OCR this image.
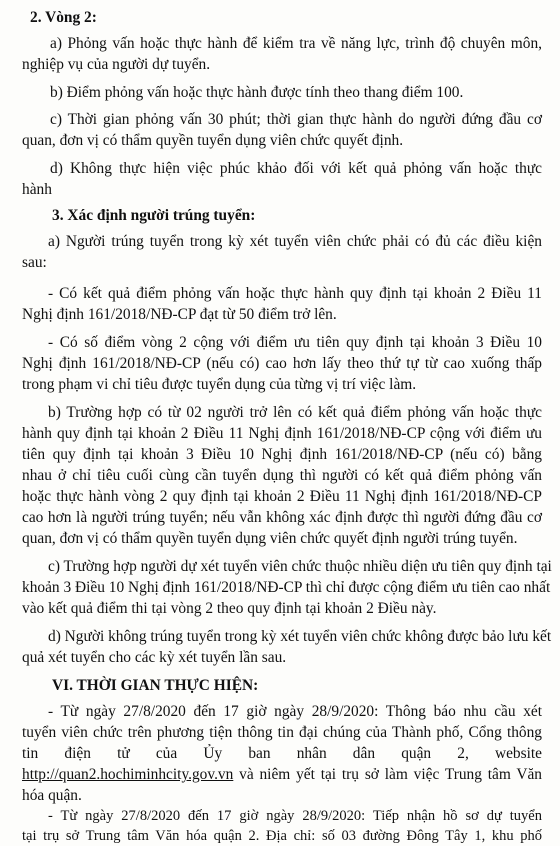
2. Vòng 2:
a) Phỏng vấn hoặc thực hành để kiểm tra về năng lực, trình độ chuyên môn,
nghiệp vụ của người dự tuyển.
b) Điểm phỏng vấn hoặc thực hành được tính theo thang điểm 100.
c) Thời gian phỏng vấn 30 phút; thời gian thực hành do người đứng đầu cơ
quan, đơn vị có thẩm quyền tuyển dụng viên chức quyết định.
d) Không thực hiện việc phúc khảo đối với kết quả phỏng vấn hoặc thực
hành
3. Xác định người trúng tuyển:
a) Người trúng tuyển trong kỳ xét tuyển viên chức phải có đủ các điều kiện
sau:
- Có kết quả điểm phỏng vấn hoặc thực hành quy định tại khoản 2 Điều 11
Nghị định 161/2018/NĐ-CP đạt từ 50 điểm trở lên.
- Có số điểm vòng 2 cộng với điểm ưu tiên quy định tại khoản 3 Điều 10
Nghị định 161/2018/NĐ-CP (nếu có) cao hơn lấy theo thứ tự từ cao xuống thấp
trong phạm vi chỉ tiêu được tuyển dụng của từng vị trí việc làm.
b) Trường hợp có từ 02 người trở lên có kết quả điểm phỏng vấn hoặc thực
hành quy định tại khoản 2 Điều 11 Nghị định 161/2018/NĐ-CP cộng với điểm ưu
tiên quy định tại khoản 3 Điều 10 Nghị định 161/2018/NĐ-CP (nếu có) bằng
nhau ở chỉ tiêu cuối cùng cần tuyển dụng thì người có kết quả điểm phỏng vấn
hoặc thực hành vòng 2 quy định tại khoản 2 Điều 11 Nghị định 161/2018/NĐ-CP
cao hơn là người trúng tuyển; nếu vẫn không xác định được thì người đứng đầu cơ
quan, đơn vị có thẩm quyền tuyển dụng viên chức quyết định người trúng tuyển.
c) Trường hợp người dự xét tuyển viên chức thuộc nhiều diện ưu tiên quy định tại
khoản 3 Điều 10 Nghị định 161/2018/NĐ-CP thì chỉ được cộng điểm ưu tiên cao nhất
vào kết quả điểm thi tại vòng 2 theo quy định tại khoản 2 Điều này.
d) Người không trúng tuyển trong kỳ xét tuyển viên chức không được bảo lưu kết
quả xét tuyển cho các kỳ xét tuyển lần sau.
VI. THỜI GIAN THỰC HIỆN:
- Từ ngày 27/8/2020 đến 17 giờ ngày 28/9/2020: Thông báo nhu cầu xét
tuyển viên chức trên phương tiện thông tin đại chúng của Thành phố, Cổng thông
tin điện tử của Ủy ban nhân dân quận 2, website
http://quan2.hochiminhcity.gov.vn và niêm yết tại trụ sở làm việc Trung tâm Văn
hóa quận.
- Từ ngày 27/8/2020 đến 17 giờ ngày 28/9/2020: Tiếp nhận hồ sơ dự tuyển
tại trụ sở Trung tâm Văn hóa quận 2. Địa chỉ: số 03 đường Đông Tây 1, khu phố
